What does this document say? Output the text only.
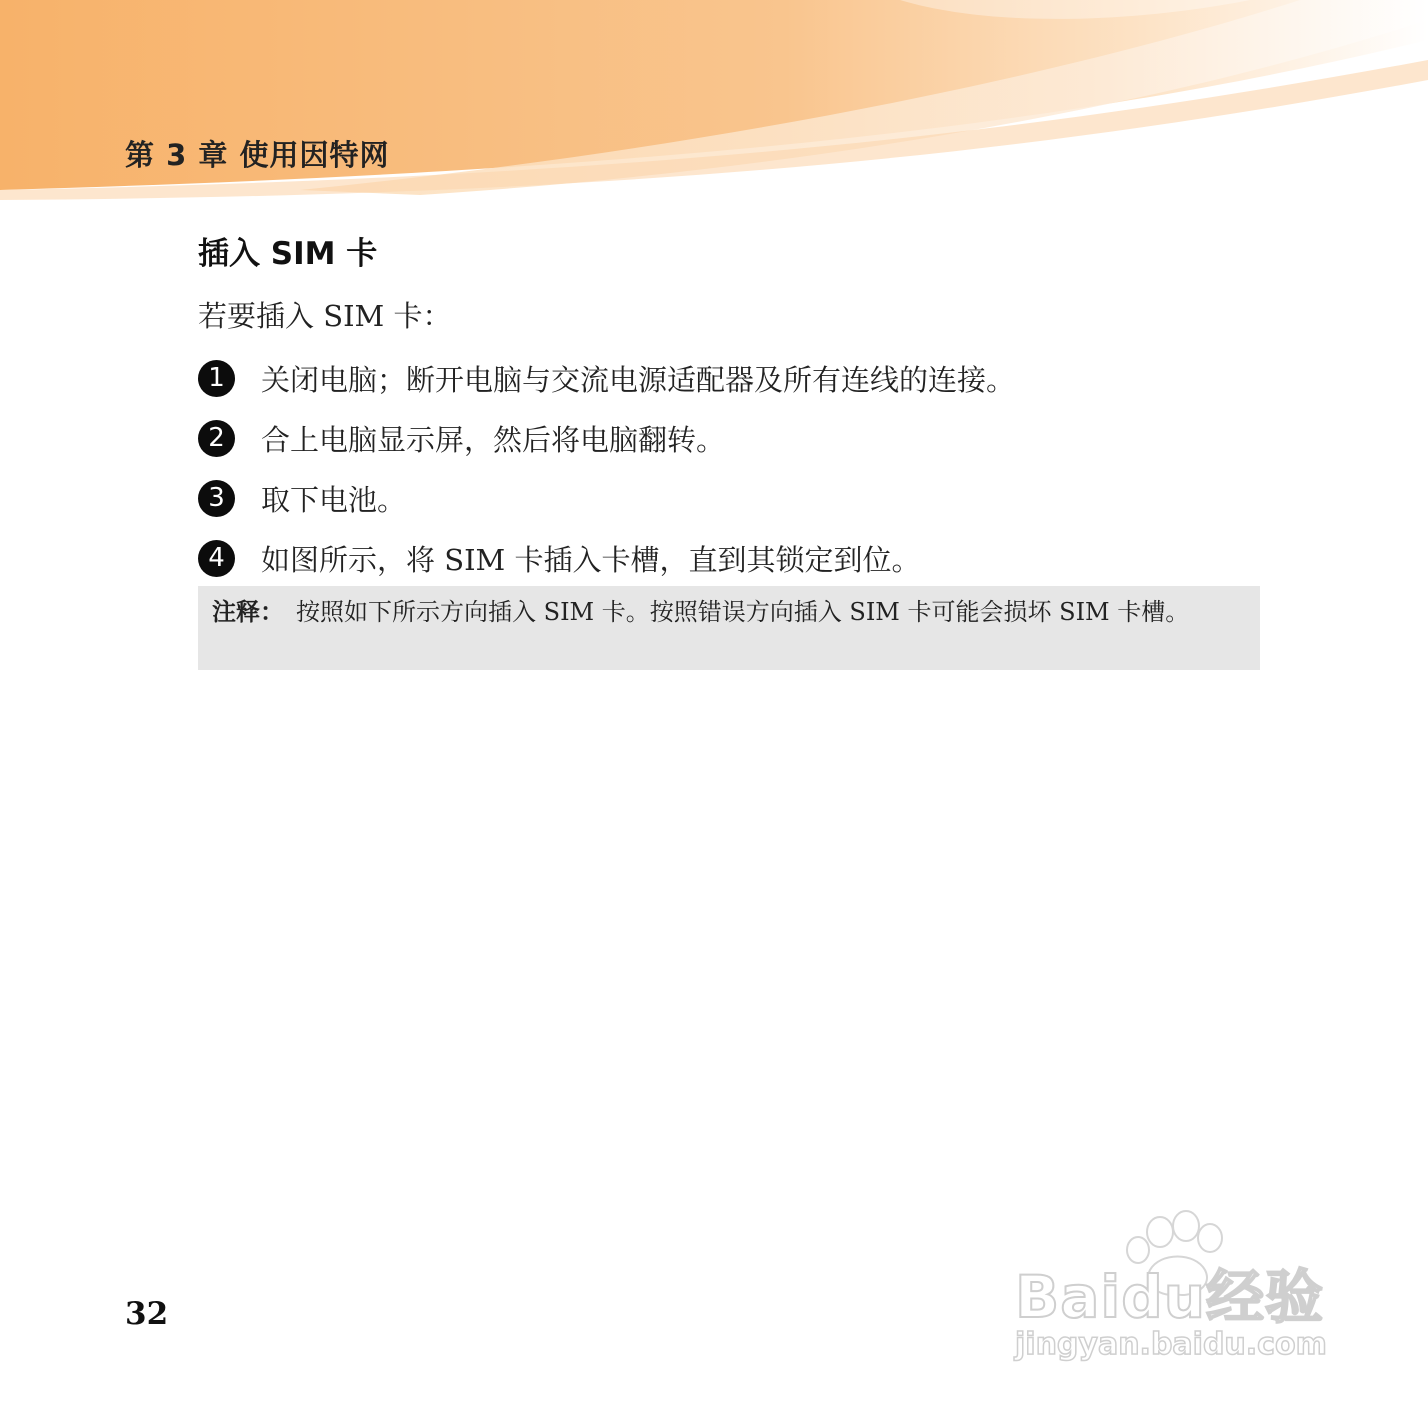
第 3 章 使用因特网
插入 SIM 卡
若要插入 SIM 卡：
1	关闭电脑；断开电脑与交流电源适配器及所有连线的连接。
2	合上电脑显示屏，然后将电脑翻转。
3	取下电池。
4	如图所示，将 SIM 卡插入卡槽，直到其锁定到位。
注释： 按照如下所示方向插入 SIM 卡。按照错误方向插入 SIM 卡可能会损坏 SIM 卡槽。
32	Baidu经验
jingyan.baidu.com
